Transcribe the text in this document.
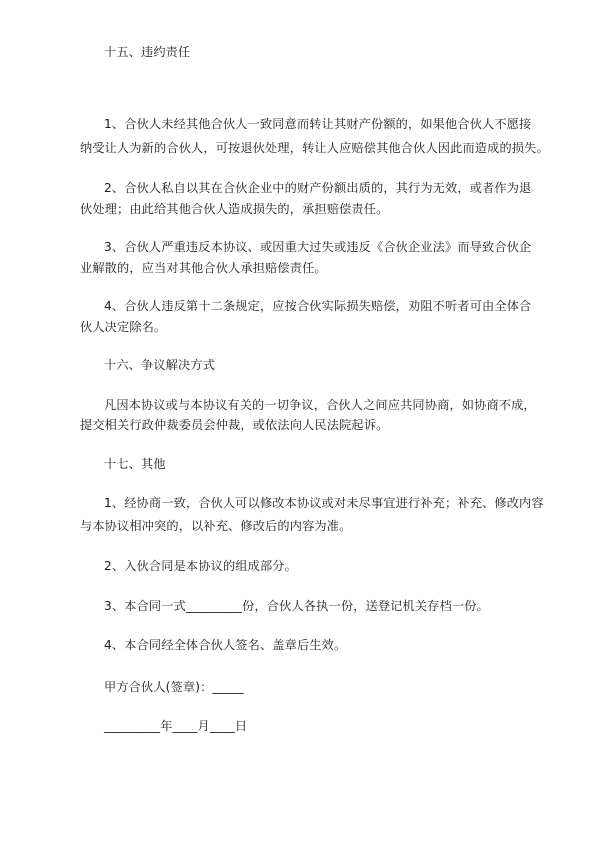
十五、违约责任
1、合伙人未经其他合伙人一致同意而转让其财产份额的，如果他合伙人不愿接
纳受让人为新的合伙人，可按退伙处理，转让人应赔偿其他合伙人因此而造成的损失。
2、合伙人私自以其在合伙企业中的财产份额出质的，其行为无效，或者作为退
伙处理；由此给其他合伙人造成损失的，承担赔偿责任。
3、合伙人严重违反本协议、或因重大过失或违反《合伙企业法》而导致合伙企
业解散的，应当对其他合伙人承担赔偿责任。
4、合伙人违反第十二条规定，应按合伙实际损失赔偿，劝阻不听者可由全体合
伙人决定除名。
十六、争议解决方式
凡因本协议或与本协议有关的一切争议，合伙人之间应共同协商，如协商不成，
提交相关行政仲裁委员会仲裁，或依法向人民法院起诉。
十七、其他
1、经协商一致，合伙人可以修改本协议或对未尽事宜进行补充；补充、修改内容
与本协议相冲突的，以补充、修改后的内容为准。
2、入伙合同是本协议的组成部分。
3、本合同一式_________份，合伙人各执一份，送登记机关存档一份。
4、本合同经全体合伙人签名、盖章后生效。
甲方合伙人(签章)：_____
_________年____月____日
